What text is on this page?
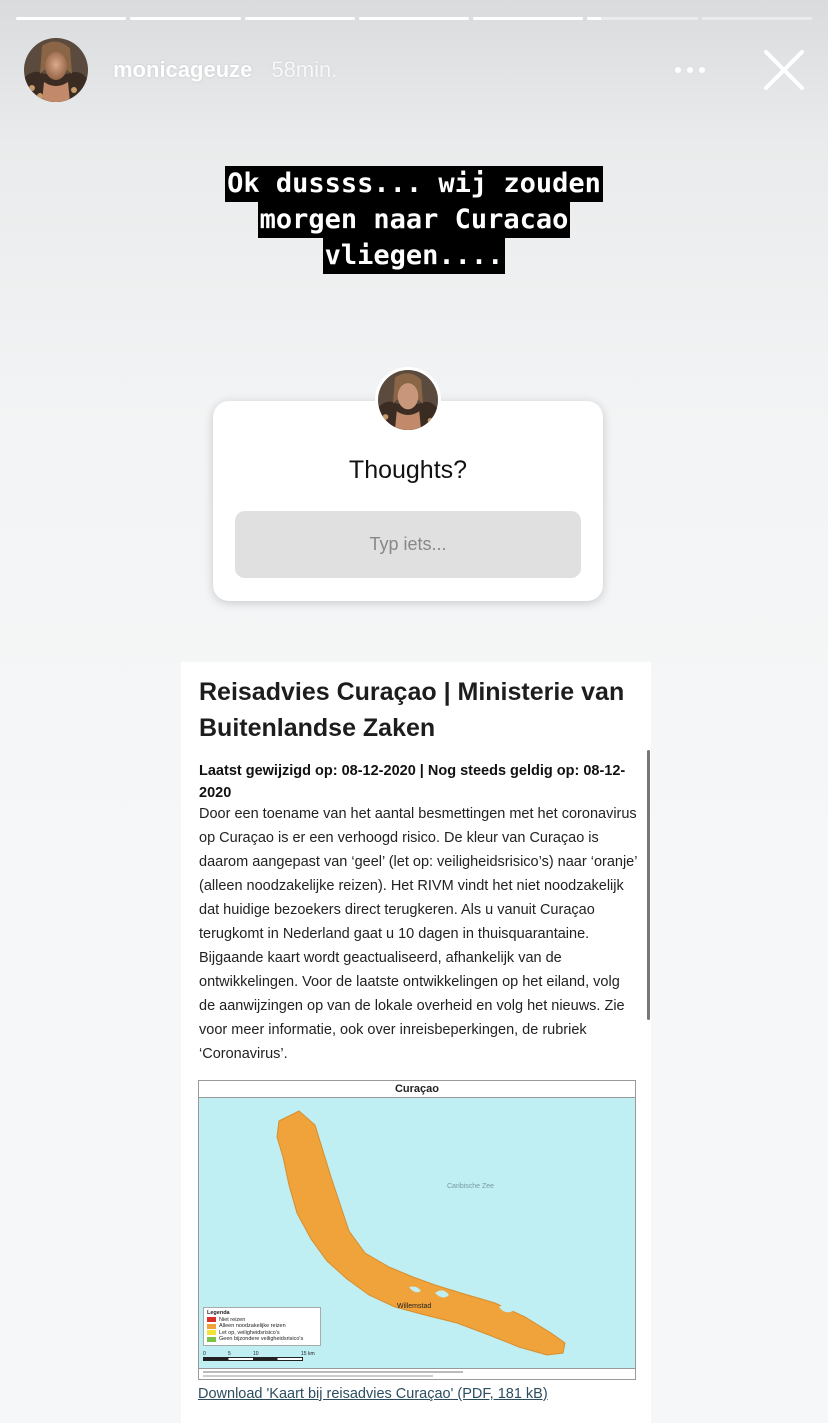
monicageuze 58min.
Ok dussss... wij zouden
morgen naar Curacao
vliegen....
Thoughts?
Typ iets...
Reisadvies Curaçao | Ministerie van Buitenlandse Zaken
Laatst gewijzigd op: 08-12-2020 | Nog steeds geldig op: 08-12-2020
Door een toename van het aantal besmettingen met het coronavirus op Curaçao is er een verhoogd risico. De kleur van Curaçao is daarom aangepast van ‘geel’ (let op: veiligheidsrisico’s) naar ‘oranje’ (alleen noodzakelijke reizen). Het RIVM vindt het niet noodzakelijk dat huidige bezoekers direct terugkeren. Als u vanuit Curaçao terugkomt in Nederland gaat u 10 dagen in thuisquarantaine. Bijgaande kaart wordt geactualiseerd, afhankelijk van de ontwikkelingen. Voor de laatste ontwikkelingen op het eiland, volg de aanwijzingen op van de lokale overheid en volg het nieuws. Zie voor meer informatie, ook over inreisbeperkingen, de rubriek ‘Coronavirus’.
Curaçao
Caribische Zee
Willemstad
Legenda
Niet reizen
Alleen noodzakelijke reizen
Let op, veiligheidsrisico's
Geen bijzondere veiligheidsrisico's
0	5	10	15 km
Download 'Kaart bij reisadvies Curaçao' (PDF, 181 kB)
